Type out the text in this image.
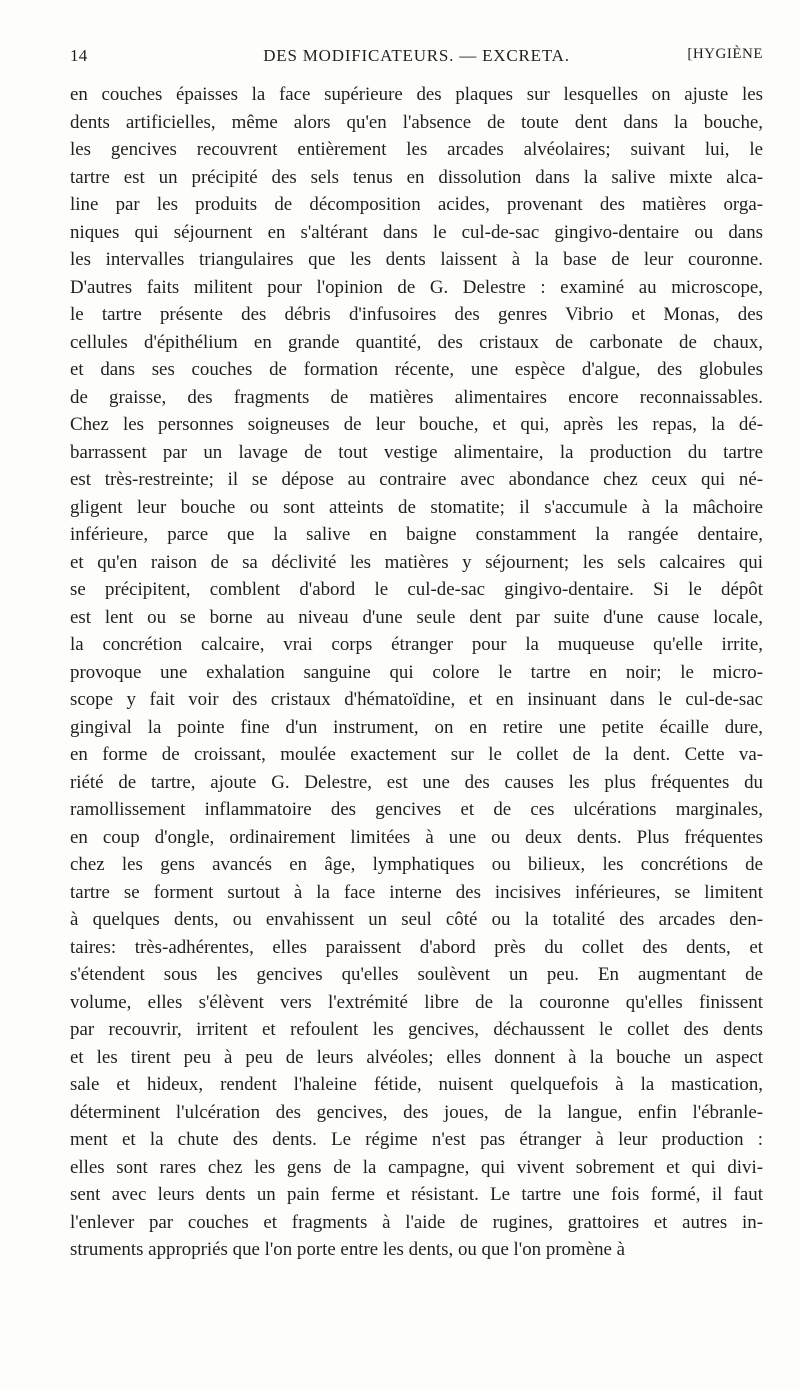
14	DES MODIFICATEURS. — EXCRETA.	[HYGIÈNE
en couches épaisses la face supérieure des plaques sur lesquelles on ajuste les
dents artificielles, même alors qu'en l'absence de toute dent dans la bouche,
les gencives recouvrent entièrement les arcades alvéolaires; suivant lui, le
tartre est un précipité des sels tenus en dissolution dans la salive mixte alca-
line par les produits de décomposition acides, provenant des matières orga-
niques qui séjournent en s'altérant dans le cul-de-sac gingivo-dentaire ou dans
les intervalles triangulaires que les dents laissent à la base de leur couronne.
D'autres faits militent pour l'opinion de G. Delestre : examiné au microscope,
le tartre présente des débris d'infusoires des genres Vibrio et Monas, des
cellules d'épithélium en grande quantité, des cristaux de carbonate de chaux,
et dans ses couches de formation récente, une espèce d'algue, des globules
de graisse, des fragments de matières alimentaires encore reconnaissables.
Chez les personnes soigneuses de leur bouche, et qui, après les repas, la dé-
barrassent par un lavage de tout vestige alimentaire, la production du tartre
est très-restreinte; il se dépose au contraire avec abondance chez ceux qui né-
gligent leur bouche ou sont atteints de stomatite; il s'accumule à la mâchoire
inférieure, parce que la salive en baigne constamment la rangée dentaire,
et qu'en raison de sa déclivité les matières y séjournent; les sels calcaires qui
se précipitent, comblent d'abord le cul-de-sac gingivo-dentaire. Si le dépôt
est lent ou se borne au niveau d'une seule dent par suite d'une cause locale,
la concrétion calcaire, vrai corps étranger pour la muqueuse qu'elle irrite,
provoque une exhalation sanguine qui colore le tartre en noir; le micro-
scope y fait voir des cristaux d'hématoïdine, et en insinuant dans le cul-de-sac
gingival la pointe fine d'un instrument, on en retire une petite écaille dure,
en forme de croissant, moulée exactement sur le collet de la dent. Cette va-
riété de tartre, ajoute G. Delestre, est une des causes les plus fréquentes du
ramollissement inflammatoire des gencives et de ces ulcérations marginales,
en coup d'ongle, ordinairement limitées à une ou deux dents. Plus fréquentes
chez les gens avancés en âge, lymphatiques ou bilieux, les concrétions de
tartre se forment surtout à la face interne des incisives inférieures, se limitent
à quelques dents, ou envahissent un seul côté ou la totalité des arcades den-
taires: très-adhérentes, elles paraissent d'abord près du collet des dents, et
s'étendent sous les gencives qu'elles soulèvent un peu. En augmentant de
volume, elles s'élèvent vers l'extrémité libre de la couronne qu'elles finissent
par recouvrir, irritent et refoulent les gencives, déchaussent le collet des dents
et les tirent peu à peu de leurs alvéoles; elles donnent à la bouche un aspect
sale et hideux, rendent l'haleine fétide, nuisent quelquefois à la mastication,
déterminent l'ulcération des gencives, des joues, de la langue, enfin l'ébranle-
ment et la chute des dents. Le régime n'est pas étranger à leur production :
elles sont rares chez les gens de la campagne, qui vivent sobrement et qui divi-
sent avec leurs dents un pain ferme et résistant. Le tartre une fois formé, il faut
l'enlever par couches et fragments à l'aide de rugines, grattoires et autres in-
struments appropriés que l'on porte entre les dents, ou que l'on promène à
